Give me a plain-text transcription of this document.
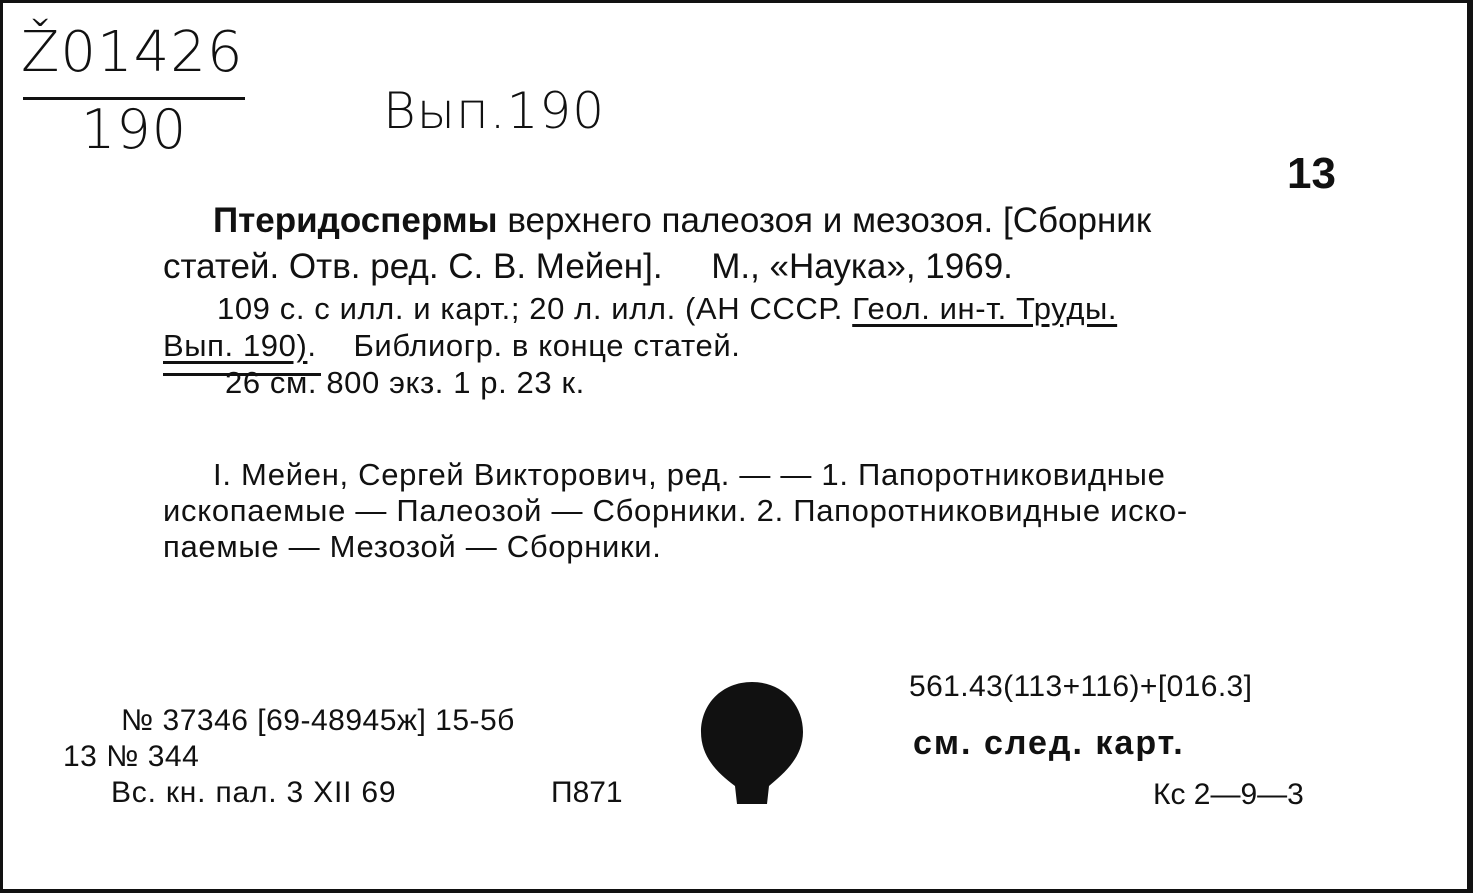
Ž01426
190	Вып.190
13
Птеридоспермы верхнего палеозоя и мезозоя. [Сборник
статей. Отв. ред. С. В. Мейен].     М., «Наука», 1969.
109 с. с илл. и карт.; 20 л. илл. (АН СССР. Геол. ин-т. Труды.
Вып. 190).    Библиогр. в конце статей.
26 см. 800 экз. 1 р. 23 к.
I. Мейен, Сергей Викторович, ред. — — 1. Папоротниковидные
ископаемые — Палеозой — Сборники. 2. Папоротниковидные иско-
паемые — Мезозой — Сборники.
№ 37346 [69-48945ж] 15-5б
13 № 344
Вс. кн. пал. 3 XII 69	П871
561.43(113+116)+[016.3]
см. след. карт.
Кс 2—9—3
